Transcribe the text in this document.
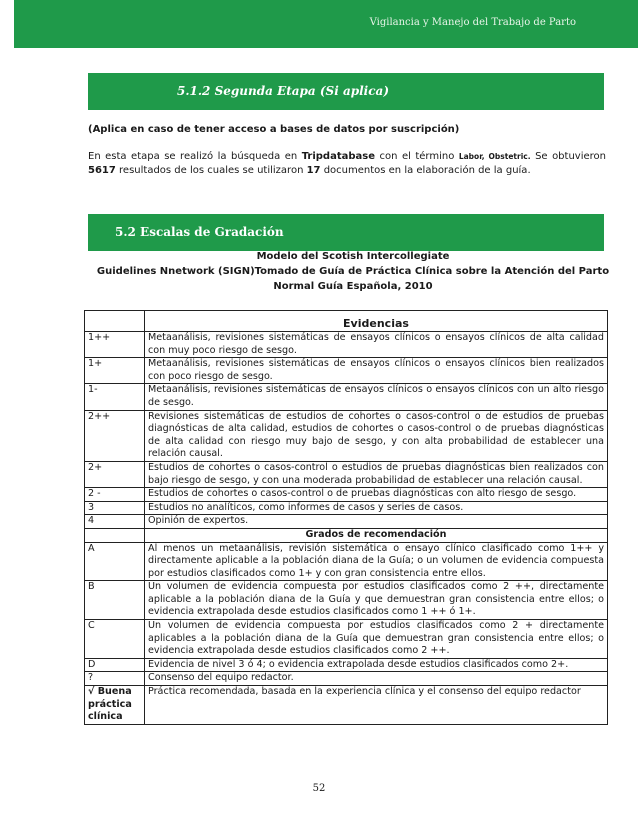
Vigilancia y Manejo del Trabajo de Parto
5.1.2 Segunda Etapa (Si aplica)
(Aplica en caso de tener acceso a bases de datos por suscripción)
En esta etapa se realizó la búsqueda en Tripdatabase con el término Labor, Obstetric. Se obtuvieron 5617 resultados de los cuales se utilizaron 17 documentos en la elaboración de la guía.
5.2 Escalas de Gradación
Modelo del Scotish Intercollegiate
Guidelines Nnetwork (SIGN)Tomado de Guía de Práctica Clínica sobre la Atención del Parto
Normal Guía Española, 2010
	Evidencias
1++	Metaanálisis, revisiones sistemáticas de ensayos clínicos o ensayos clínicos de alta calidad con muy poco riesgo de sesgo.
1+	Metaanálisis, revisiones sistemáticas de ensayos clínicos o ensayos clínicos bien realizados con poco riesgo de sesgo.
1-	Metaanálisis, revisiones sistemáticas de ensayos clínicos o ensayos clínicos con un alto riesgo de sesgo.
2++	Revisiones sistemáticas de estudios de cohortes o casos-control o de estudios de pruebas diagnósticas de alta calidad, estudios de cohortes o casos-control o de pruebas diagnósticas de alta calidad con riesgo muy bajo de sesgo, y con alta probabilidad de establecer una relación causal.
2+	Estudios de cohortes o casos-control o estudios de pruebas diagnósticas bien realizados con bajo riesgo de sesgo, y con una moderada probabilidad de establecer una relación causal.
2 -	Estudios de cohortes o casos-control o de pruebas diagnósticas con alto riesgo de sesgo.
3	Estudios no analíticos, como informes de casos y series de casos.
4	Opinión de expertos.
	Grados de recomendación
A	Al menos un metaanálisis, revisión sistemática o ensayo clínico clasificado como 1++ y directamente aplicable a la población diana de la Guía; o un volumen de evidencia compuesta por estudios clasificados como 1+ y con gran consistencia entre ellos.
B	Un volumen de evidencia compuesta por estudios clasificados como 2 ++, directamente aplicable a la población diana de la Guía y que demuestran gran consistencia entre ellos; o evidencia extrapolada desde estudios clasificados como 1 ++ ó 1+.
C	Un volumen de evidencia compuesta por estudios clasificados como 2 + directamente aplicables a la población diana de la Guía que demuestran gran consistencia entre ellos; o evidencia extrapolada desde estudios clasificados como 2 ++.
D	Evidencia de nivel 3 ó 4; o evidencia extrapolada desde estudios clasificados como 2+.
?	Consenso del equipo redactor.
√ Buena práctica clínica	Práctica recomendada, basada en la experiencia clínica y el consenso del equipo redactor
52
